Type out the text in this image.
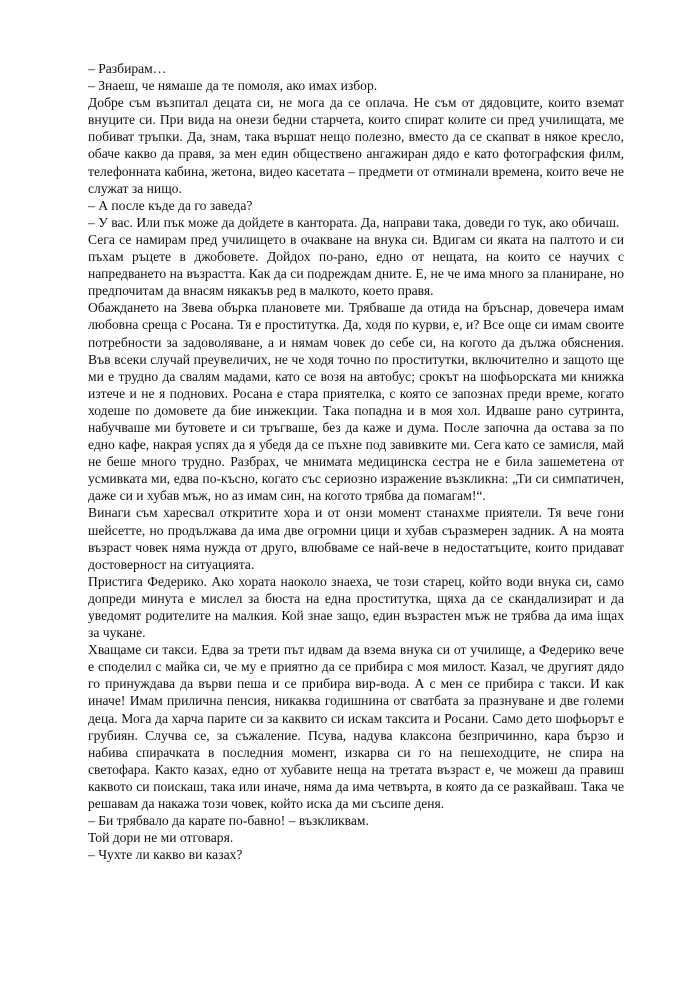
– Разбирам…

– Знаеш, че нямаше да те помоля, ако имах избор.

Добре съм възпитал децата си, не мога да се оплача. Не съм от дядовците, които вземат внуците си. При вида на онези бедни старчета, които спират колите си пред училищата, ме побиват тръпки. Да, знам, така вършат нещо полезно, вместо да се скапват в някое кресло, обаче какво да правя, за мен един обществено ангажиран дядо е като фотографския филм, телефонната кабина, жетона, видео касетата – предмети от отминали времена, които вече не служат за нищо.

– А после къде да го заведа?

– У вас. Или пък може да дойдете в кантората. Да, направи така, доведи го тук, ако обичаш.

Сега се намирам пред училището в очакване на внука си. Вдигам си яката на палтото и си пъхам ръцете в джобовете. Дойдох по-рано, едно от нещата, на които се научих с напредването на възрастта. Как да си подреждам дните. Е, не че има много за планиране, но предпочитам да внасям някакъв ред в малкото, което правя.

Обаждането на Звева обърка плановете ми. Трябваше да отида на бръснар, довечера имам любовна среща с Росана. Тя е проститутка. Да, ходя по курви, е, и? Все още си имам своите потребности за задоволяване, а и нямам човек до себе си, на когото да дължа обяснения. Във всеки случай преувеличих, не че ходя точно по проститутки, включително и защото ще ми е трудно да свалям мадами, като се возя на автобус; срокът на шофьорската ми книжка изтече и не я поднових. Росана е стара приятелка, с която се запознах преди време, когато ходеше по домовете да бие инжекции. Така попадна и в моя хол. Идваше рано сутринта, набучваше ми бутовете и си тръгваше, без да каже и дума. После започна да остава за по едно кафе, накрая успях да я убедя да се пъхне под завивките ми. Сега като се замисля, май не беше много трудно. Разбрах, че мнимата медицинска сестра не е била зашеметена от усмивката ми, едва по-късно, когато със сериозно изражение възкликна: „Ти си симпатичен, даже си и хубав мъж, но аз имам син, на когото трябва да помагам!“.

Винаги съм харесвал откритите хора и от онзи момент станахме приятели. Тя вече гони шейсетте, но продължава да има две огромни цици и хубав съразмерен задник. А на моята възраст човек няма нужда от друго, влюбваме се най-вече в недостатъците, които придават достоверност на ситуацията.

Пристига Федерико. Ако хората наоколо знаеха, че този старец, който води внука си, само допреди минута е мислел за бюста на една проститутка, щяха да се скандализират и да уведомят родителите на малкия. Кой знае защо, един възрастен мъж не трябва да има іщах за чукане.

Хващаме си такси. Едва за трети път идвам да взема внука си от училище, а Федерико вече е споделил с майка си, че му е приятно да се прибира с моя милост. Казал, че другият дядо го принуждава да върви пеша и се прибира вир-вода. А с мен се прибира с такси. И как иначе! Имам прилична пенсия, никаква годишнина от сватбата за празнуване и две големи деца. Мога да харча парите си за каквито си искам таксита и Росани. Само дето шофьорът е грубиян. Случва се, за съжаление. Псува, надува клаксона безпричинно, кара бързо и набива спирачката в последния момент, изкарва си го на пешеходците, не спира на светофара. Както казах, едно от хубавите неща на третата възраст е, че можеш да правиш каквото си поискаш, така или иначе, няма да има четвърта, в която да се разкайваш. Така че решавам да накажа този човек, който иска да ми съсипе деня.

– Би трябвало да карате по-бавно! – възкликвам.

Той дори не ми отговаря.

– Чухте ли какво ви казах?
